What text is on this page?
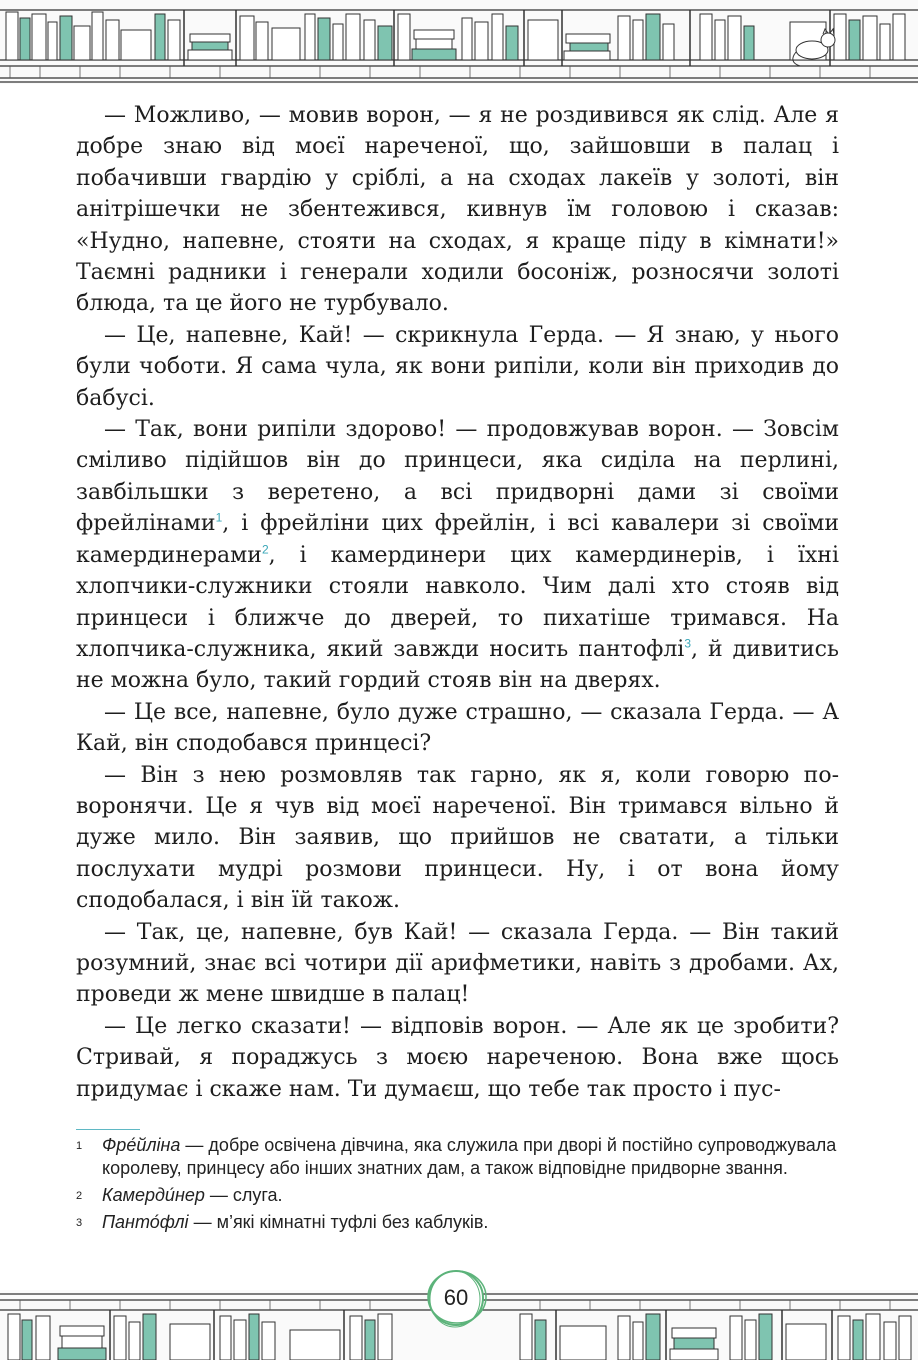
— Можливо, — мовив ворон, — я не роздивився як слід. Але я добре знаю від моєї нареченої, що, зайшовши в палац і побачивши гвардію у сріблі, а на сходах лакеїв у золоті, він анітрішечки не збентежився, кивнув їм головою і сказав: «Нудно, напевне, стояти на сходах, я краще піду в кімнати!» Таємні радники і генерали ходили босоніж, розносячи золоті блюда, та це його не турбувало.

— Це, напевне, Кай! — скрикнула Герда. — Я знаю, у нього були чоботи. Я сама чула, як вони рипіли, коли він приходив до бабусі.

— Так, вони рипіли здорово! — продовжував ворон. — Зовсім сміливо підійшов він до принцеси, яка сиділа на перлині, завбільшки з веретено, а всі придворні дами зі своїми фрейлінами$^1$, і фрейліни цих фрейлін, і всі кавалери зі своїми камердинерами$^2$, і камердинери цих камердинерів, і їхні хлопчики-служники стояли навколо. Чим далі хто стояв від принцеси і ближче до дверей, то пихатіше тримався. На хлопчика-служника, який завжди носить пантофлі$^3$, й дивитись не можна було, такий гордий стояв він на дверях.

— Це все, напевне, було дуже страшно, — сказала Герда. — А Кай, він сподобався принцесі?

— Він з нею розмовляв так гарно, як я, коли говорю по-воронячи. Це я чув від моєї нареченої. Він тримався вільно й дуже мило. Він заявив, що прийшов не сватати, а тільки послухати мудрі розмови принцеси. Ну, і от вона йому сподобалася, і він їй також.

— Так, це, напевне, був Кай! — сказала Герда. — Він такий розумний, знає всі чотири дії арифметики, навіть з дробами. Ах, проведи ж мене швидше в палац!

— Це легко сказати! — відповів ворон. — Але як це зробити? Стривай, я пораджусь з моєю нареченою. Вона вже щось придумає і скаже нам. Ти думаєш, що тебе так просто і пус-

1	Фре́йліна — добре освічена дівчина, яка служила при дворі й постійно супроводжувала королеву, принцесу або інших знатних дам, а також відповідне придворне звання.
2	Камерди́нер — слуга.
3	Панто́флі — м’які кімнатні туфлі без каблуків.
60
